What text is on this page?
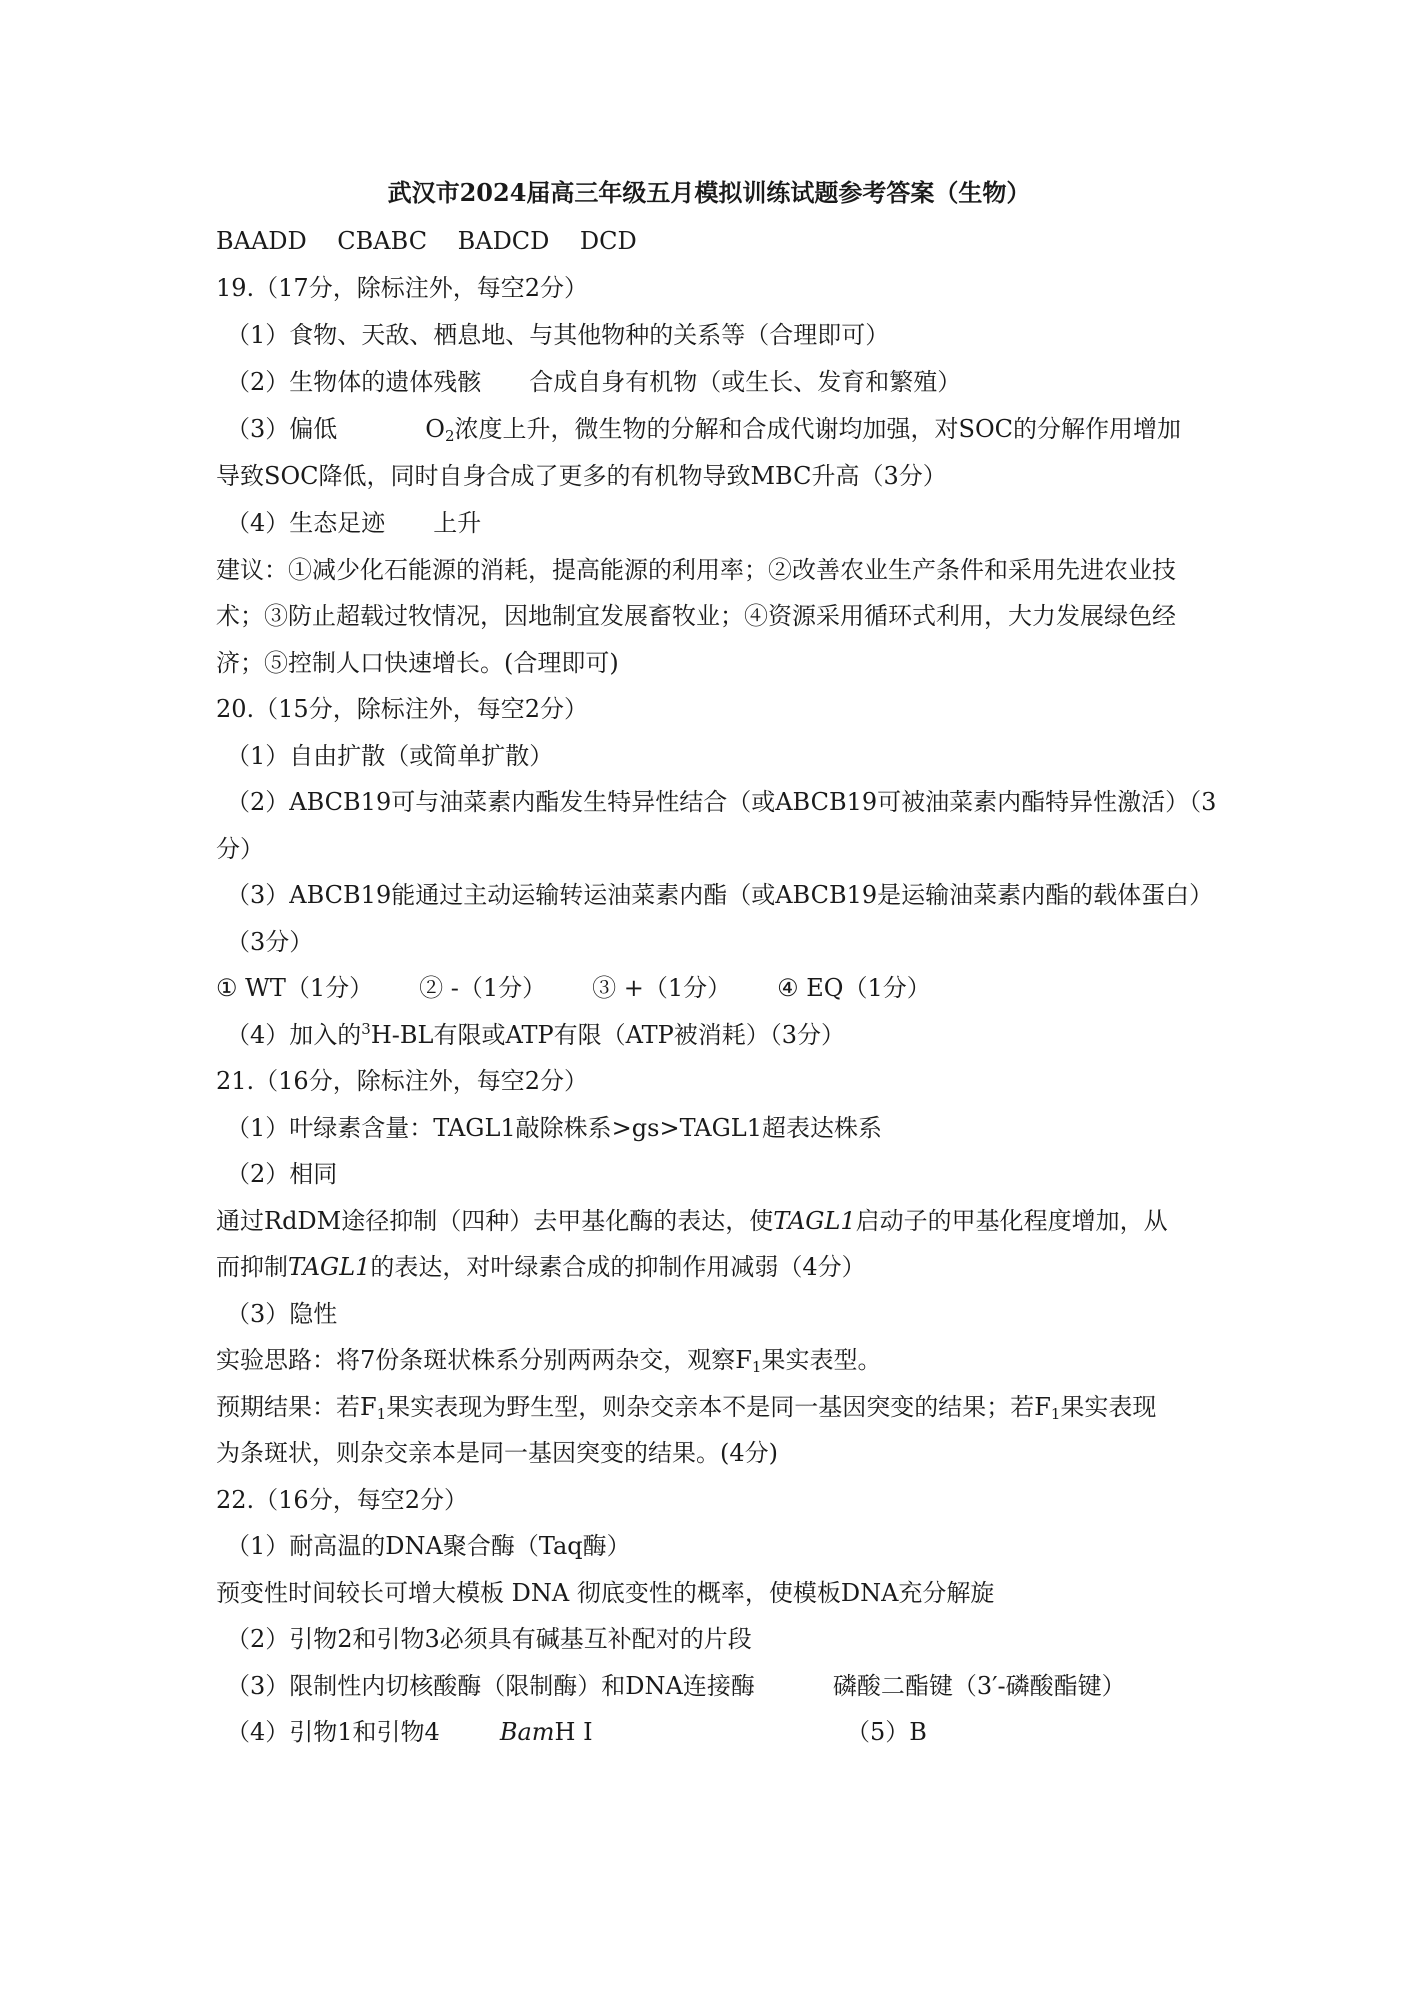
武汉市2024届高三年级五月模拟训练试题参考答案（生物）
BAADD    CBABC    BADCD    DCD
19.（17分，除标注外，每空2分）
（1）食物、天敌、栖息地、与其他物种的关系等（合理即可）
（2）生物体的遗体残骸 合成自身有机物（或生长、发育和繁殖）
（3）偏低	$O_2$浓度上升，微生物的分解和合成代谢均加强，对SOC的分解作用增加
导致SOC降低，同时自身合成了更多的有机物导致MBC升高（3分）
（4）生态足迹 上升
建议：①减少化石能源的消耗，提高能源的利用率；②改善农业生产条件和采用先进农业技
术；③防止超载过牧情况，因地制宜发展畜牧业；④资源采用循环式利用，大力发展绿色经
济；⑤控制人口快速增长。(合理即可)
20.（15分，除标注外，每空2分）
（1）自由扩散（或简单扩散）
（2）ABCB19可与油菜素内酯发生特异性结合（或ABCB19可被油菜素内酯特异性激活）（3
分）
（3）ABCB19能通过主动运输转运油菜素内酯（或ABCB19是运输油菜素内酯的载体蛋白）
（3分）
① WT（1分） ② -（1分） ③ +（1分） ④ EQ（1分）
（4）加入的$^3$H-BL有限或ATP有限（ATP被消耗）（3分）
21.（16分，除标注外，每空2分）
（1）叶绿素含量：TAGL1敲除株系>gs>TAGL1超表达株系
（2）相同
通过RdDM途径抑制（四种）去甲基化酶的表达，使TAGL1启动子的甲基化程度增加，从
而抑制TAGL1的表达，对叶绿素合成的抑制作用减弱（4分）
（3）隐性
实验思路：将7份条斑状株系分别两两杂交，观察$F_1$果实表型。
预期结果：若$F_1$果实表现为野生型，则杂交亲本不是同一基因突变的结果；若$F_1$果实表现
为条斑状，则杂交亲本是同一基因突变的结果。(4分)
22.（16分，每空2分）
（1）耐高温的DNA聚合酶（Taq酶）
预变性时间较长可增大模板 DNA 彻底变性的概率，使模板DNA充分解旋
（2）引物2和引物3必须具有碱基互补配对的片段
（3）限制性内切核酸酶（限制酶）和DNA连接酶	磷酸二酯键（3′-磷酸酯键）
（4）引物1和引物4	BamH I	（5）B
